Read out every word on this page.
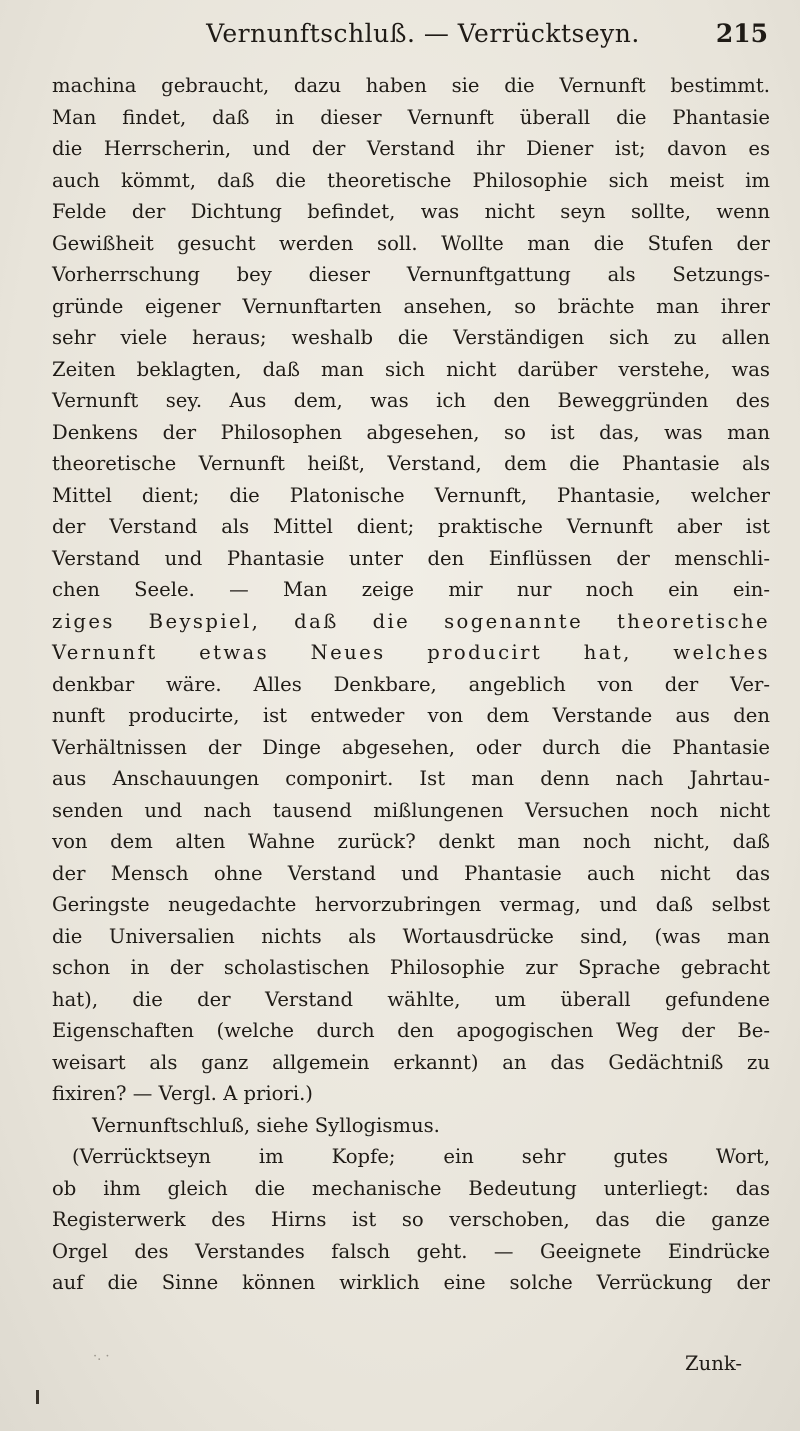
Vernunftschluß. — Verrücktseyn.	215
machina gebraucht, dazu haben sie die Vernunft bestimmt.
Man findet, daß in dieser Vernunft überall die Phantasie
die Herrscherin, und der Verstand ihr Diener ist; davon es
auch kömmt, daß die theoretische Philosophie sich meist im
Felde der Dichtung befindet, was nicht seyn sollte, wenn
Gewißheit gesucht werden soll. Wollte man die Stufen der
Vorherrschung bey dieser Vernunftgattung als Setzungs-
gründe eigener Vernunftarten ansehen, so brächte man ihrer
sehr viele heraus; weshalb die Verständigen sich zu allen
Zeiten beklagten, daß man sich nicht darüber verstehe, was
Vernunft sey. Aus dem, was ich den Beweggründen des
Denkens der Philosophen abgesehen, so ist das, was man
theoretische Vernunft heißt, Verstand, dem die Phantasie als
Mittel dient; die Platonische Vernunft, Phantasie, welcher
der Verstand als Mittel dient; praktische Vernunft aber ist
Verstand und Phantasie unter den Einflüssen der menschli-
chen Seele. — Man zeige mir nur noch ein ein-
ziges Beyspiel, daß die sogenannte theoretische
Vernunft etwas Neues producirt hat, welches
denkbar wäre. Alles Denkbare, angeblich von der Ver-
nunft producirte, ist entweder von dem Verstande aus den
Verhältnissen der Dinge abgesehen, oder durch die Phantasie
aus Anschauungen componirt. Ist man denn nach Jahrtau-
senden und nach tausend mißlungenen Versuchen noch nicht
von dem alten Wahne zurück? denkt man noch nicht, daß
der Mensch ohne Verstand und Phantasie auch nicht das
Geringste neugedachte hervorzubringen vermag, und daß selbst
die Universalien nichts als Wortausdrücke sind, (was man
schon in der scholastischen Philosophie zur Sprache gebracht
hat), die der Verstand wählte, um überall gefundene
Eigenschaften (welche durch den apogogischen Weg der Be-
weisart als ganz allgemein erkannt) an das Gedächtniß zu
fixiren? — Vergl. A priori.)
Vernunftschluß, siehe Syllogismus.
(Verrücktseyn im Kopfe; ein sehr gutes Wort,
ob ihm gleich die mechanische Bedeutung unterliegt: das
Registerwerk des Hirns ist so verschoben, das die ganze
Orgel des Verstandes falsch geht. — Geeignete Eindrücke
auf die Sinne können wirklich eine solche Verrückung der
·. ·	Zunk-
